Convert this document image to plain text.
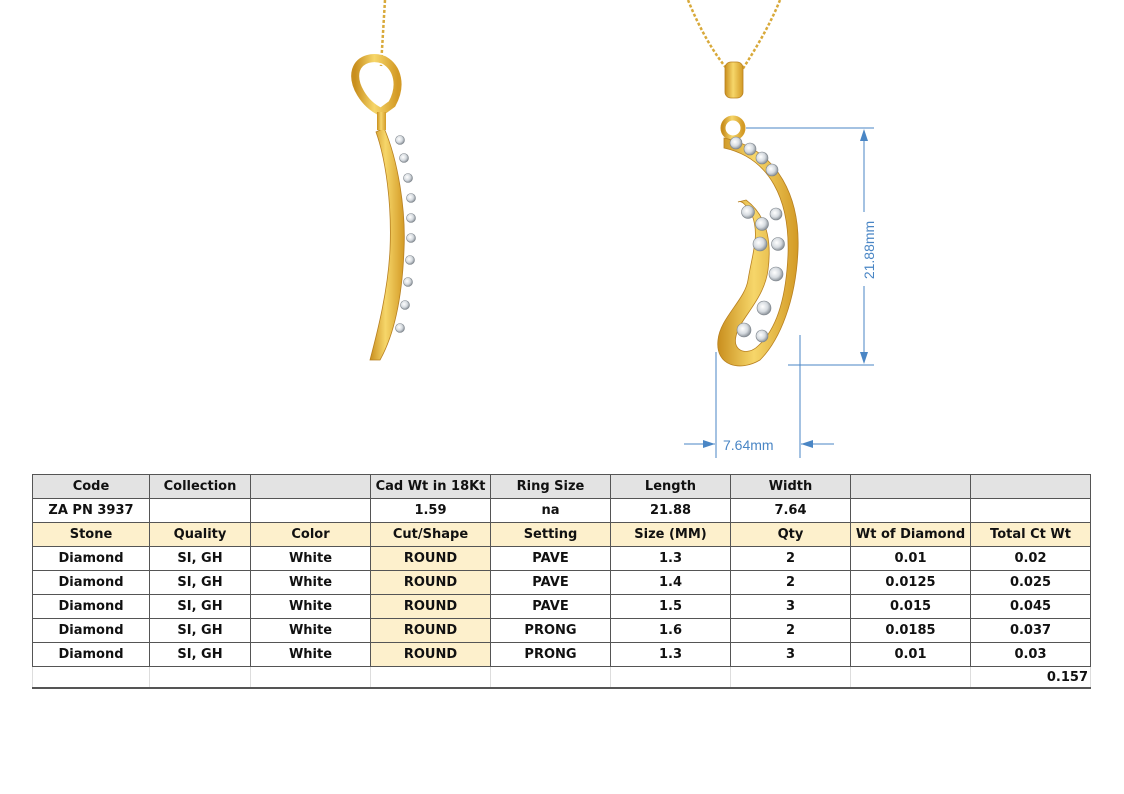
21.88mm
7.64mm
Code	Collection		Cad Wt in 18Kt	Ring Size	Length	Width		
ZA PN 3937			1.59	na	21.88	7.64		
Stone	Quality	Color	Cut/Shape	Setting	Size (MM)	Qty	Wt of Diamond	Total Ct Wt
Diamond	SI, GH	White	ROUND	PAVE	1.3	2	0.01	0.02
Diamond	SI, GH	White	ROUND	PAVE	1.4	2	0.0125	0.025
Diamond	SI, GH	White	ROUND	PAVE	1.5	3	0.015	0.045
Diamond	SI, GH	White	ROUND	PRONG	1.6	2	0.0185	0.037
Diamond	SI, GH	White	ROUND	PRONG	1.3	3	0.01	0.03
								0.157
